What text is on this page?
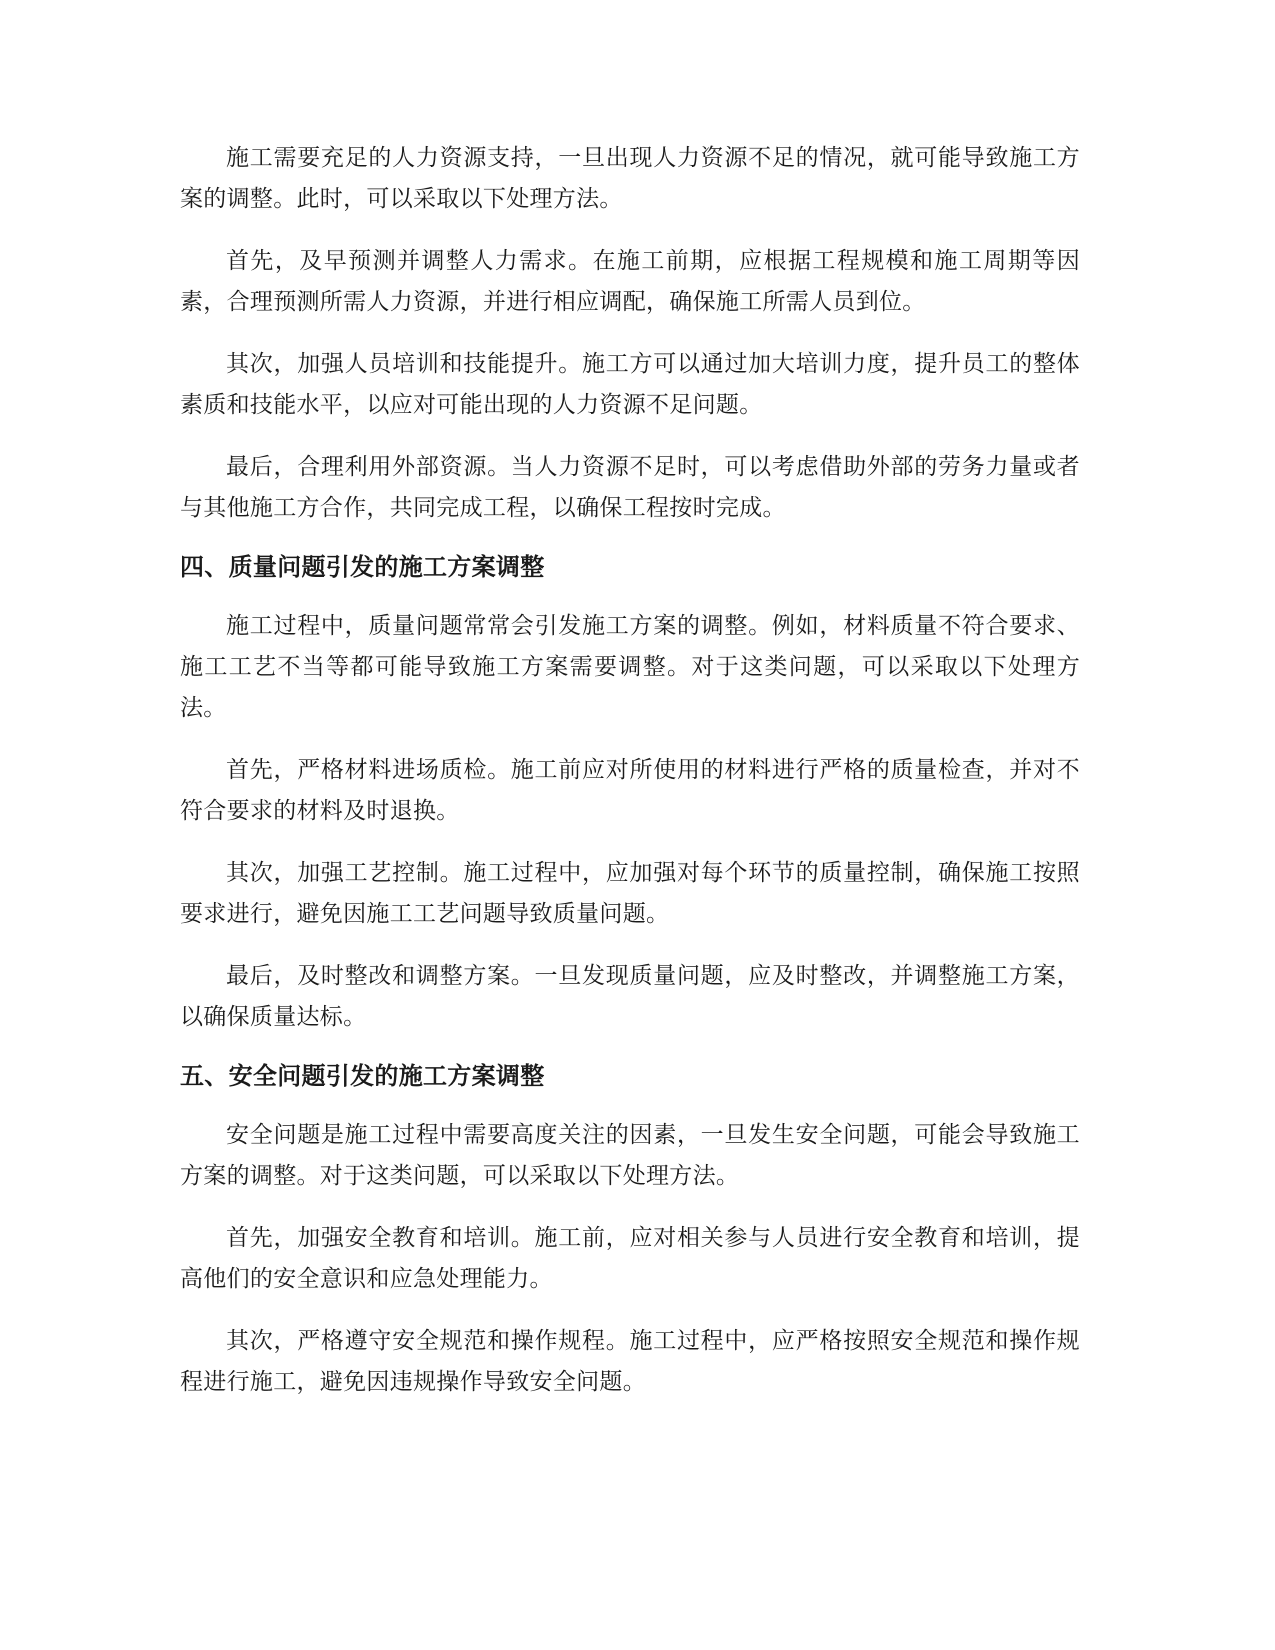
施工需要充足的人力资源支持，一旦出现人力资源不足的情况，就可能导致施工方案的调整。此时，可以采取以下处理方法。

首先，及早预测并调整人力需求。在施工前期，应根据工程规模和施工周期等因素，合理预测所需人力资源，并进行相应调配，确保施工所需人员到位。

其次，加强人员培训和技能提升。施工方可以通过加大培训力度，提升员工的整体素质和技能水平，以应对可能出现的人力资源不足问题。

最后，合理利用外部资源。当人力资源不足时，可以考虑借助外部的劳务力量或者与其他施工方合作，共同完成工程，以确保工程按时完成。

四、质量问题引发的施工方案调整

施工过程中，质量问题常常会引发施工方案的调整。例如，材料质量不符合要求、施工工艺不当等都可能导致施工方案需要调整。对于这类问题，可以采取以下处理方法。

首先，严格材料进场质检。施工前应对所使用的材料进行严格的质量检查，并对不符合要求的材料及时退换。

其次，加强工艺控制。施工过程中，应加强对每个环节的质量控制，确保施工按照要求进行，避免因施工工艺问题导致质量问题。

最后，及时整改和调整方案。一旦发现质量问题，应及时整改，并调整施工方案，以确保质量达标。

五、安全问题引发的施工方案调整

安全问题是施工过程中需要高度关注的因素，一旦发生安全问题，可能会导致施工方案的调整。对于这类问题，可以采取以下处理方法。

首先，加强安全教育和培训。施工前，应对相关参与人员进行安全教育和培训，提高他们的安全意识和应急处理能力。

其次，严格遵守安全规范和操作规程。施工过程中，应严格按照安全规范和操作规程进行施工，避免因违规操作导致安全问题。
